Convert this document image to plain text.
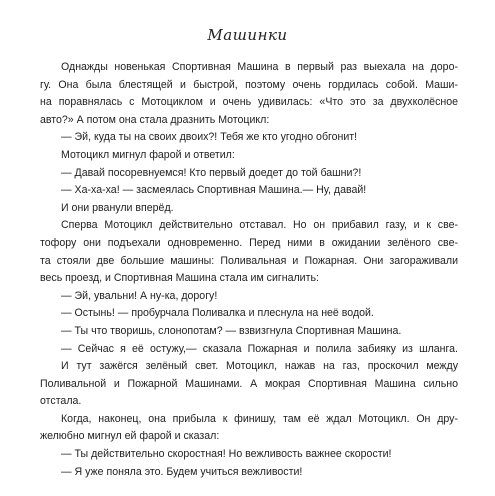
Машинки
Однажды новенькая Спортивная Машина в первый раз выехала на доро-
гу. Она была блестящей и быстрой, поэтому очень гордилась собой. Маши-
на поравнялась с Мотоциклом и очень удивилась: «Что это за двухколёсное
авто?» А потом она стала дразнить Мотоцикл:
— Эй, куда ты на своих двоих?! Тебя же кто угодно обгонит!
Мотоцикл мигнул фарой и ответил:
— Давай посоревнуемся! Кто первый доедет до той башни?!
— Ха-ха-ха! — засмеялась Спортивная Машина.— Ну, давай!
И они рванули вперёд.
Сперва Мотоцикл действительно отставал. Но он прибавил газу, и к све-
тофору они подъехали одновременно. Перед ними в ожидании зелёного све-
та стояли две большие машины: Поливальная и Пожарная. Они загораживали
весь проезд, и Спортивная Машина стала им сигналить:
— Эй, увальни! А ну-ка, дорогу!
— Остынь! — пробурчала Поливалка и плеснула на неё водой.
— Ты что творишь, слонопотам? — взвизгнула Спортивная Машина.
— Сейчас я её остужу,— сказала Пожарная и полила забияку из шланга.
И тут зажёгся зелёный свет. Мотоцикл, нажав на газ, проскочил между
Поливальной и Пожарной Машинами. А мокрая Спортивная Машина сильно
отстала.
Когда, наконец, она прибыла к финишу, там её ждал Мотоцикл. Он дру-
желюбно мигнул ей фарой и сказал:
— Ты действительно скоростная! Но вежливость важнее скорости!
— Я уже поняла это. Будем учиться вежливости!
